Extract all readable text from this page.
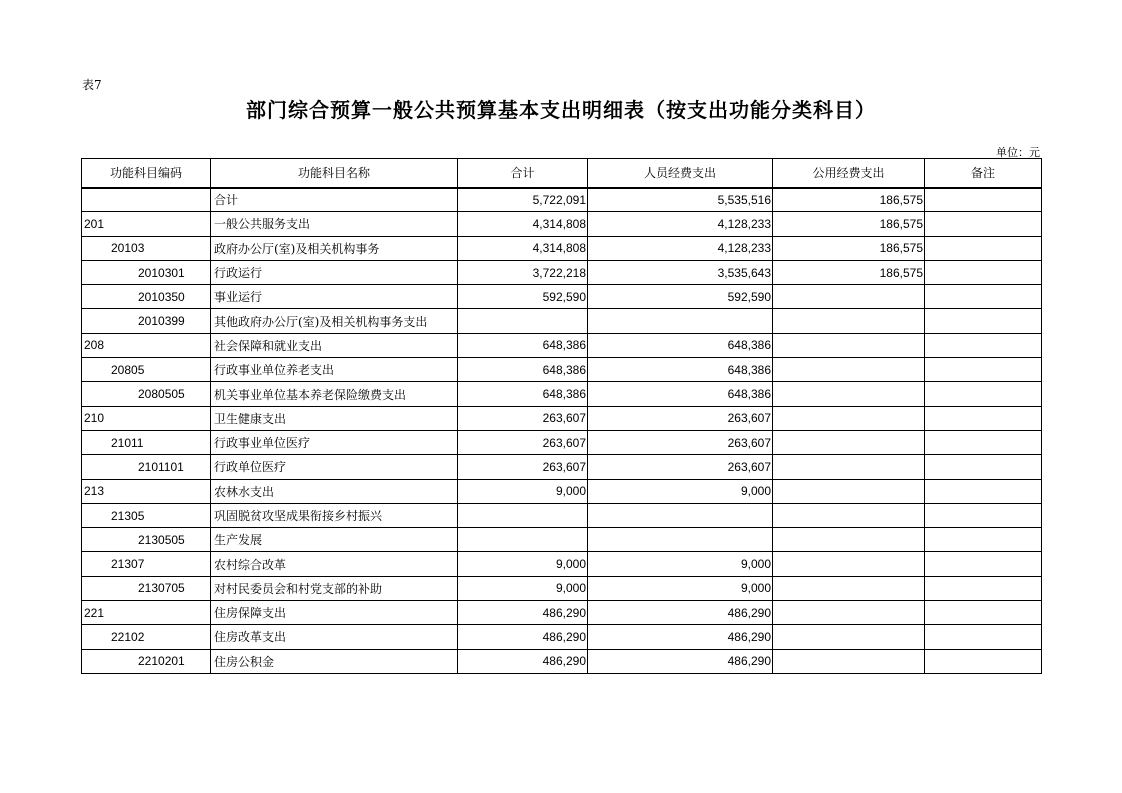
表7
部门综合预算一般公共预算基本支出明细表（按支出功能分类科目）
单位：元
功能科目编码	功能科目名称	合计	人员经费支出	公用经费支出	备注
	合计	5,722,091	5,535,516	186,575	
201	一般公共服务支出	4,314,808	4,128,233	186,575	
20103	政府办公厅(室)及相关机构事务	4,314,808	4,128,233	186,575	
2010301	行政运行	3,722,218	3,535,643	186,575	
2010350	事业运行	592,590	592,590		
2010399	其他政府办公厅(室)及相关机构事务支出				
208	社会保障和就业支出	648,386	648,386		
20805	行政事业单位养老支出	648,386	648,386		
2080505	机关事业单位基本养老保险缴费支出	648,386	648,386		
210	卫生健康支出	263,607	263,607		
21011	行政事业单位医疗	263,607	263,607		
2101101	行政单位医疗	263,607	263,607		
213	农林水支出	9,000	9,000		
21305	巩固脱贫攻坚成果衔接乡村振兴				
2130505	生产发展				
21307	农村综合改革	9,000	9,000		
2130705	对村民委员会和村党支部的补助	9,000	9,000		
221	住房保障支出	486,290	486,290		
22102	住房改革支出	486,290	486,290		
2210201	住房公积金	486,290	486,290		
